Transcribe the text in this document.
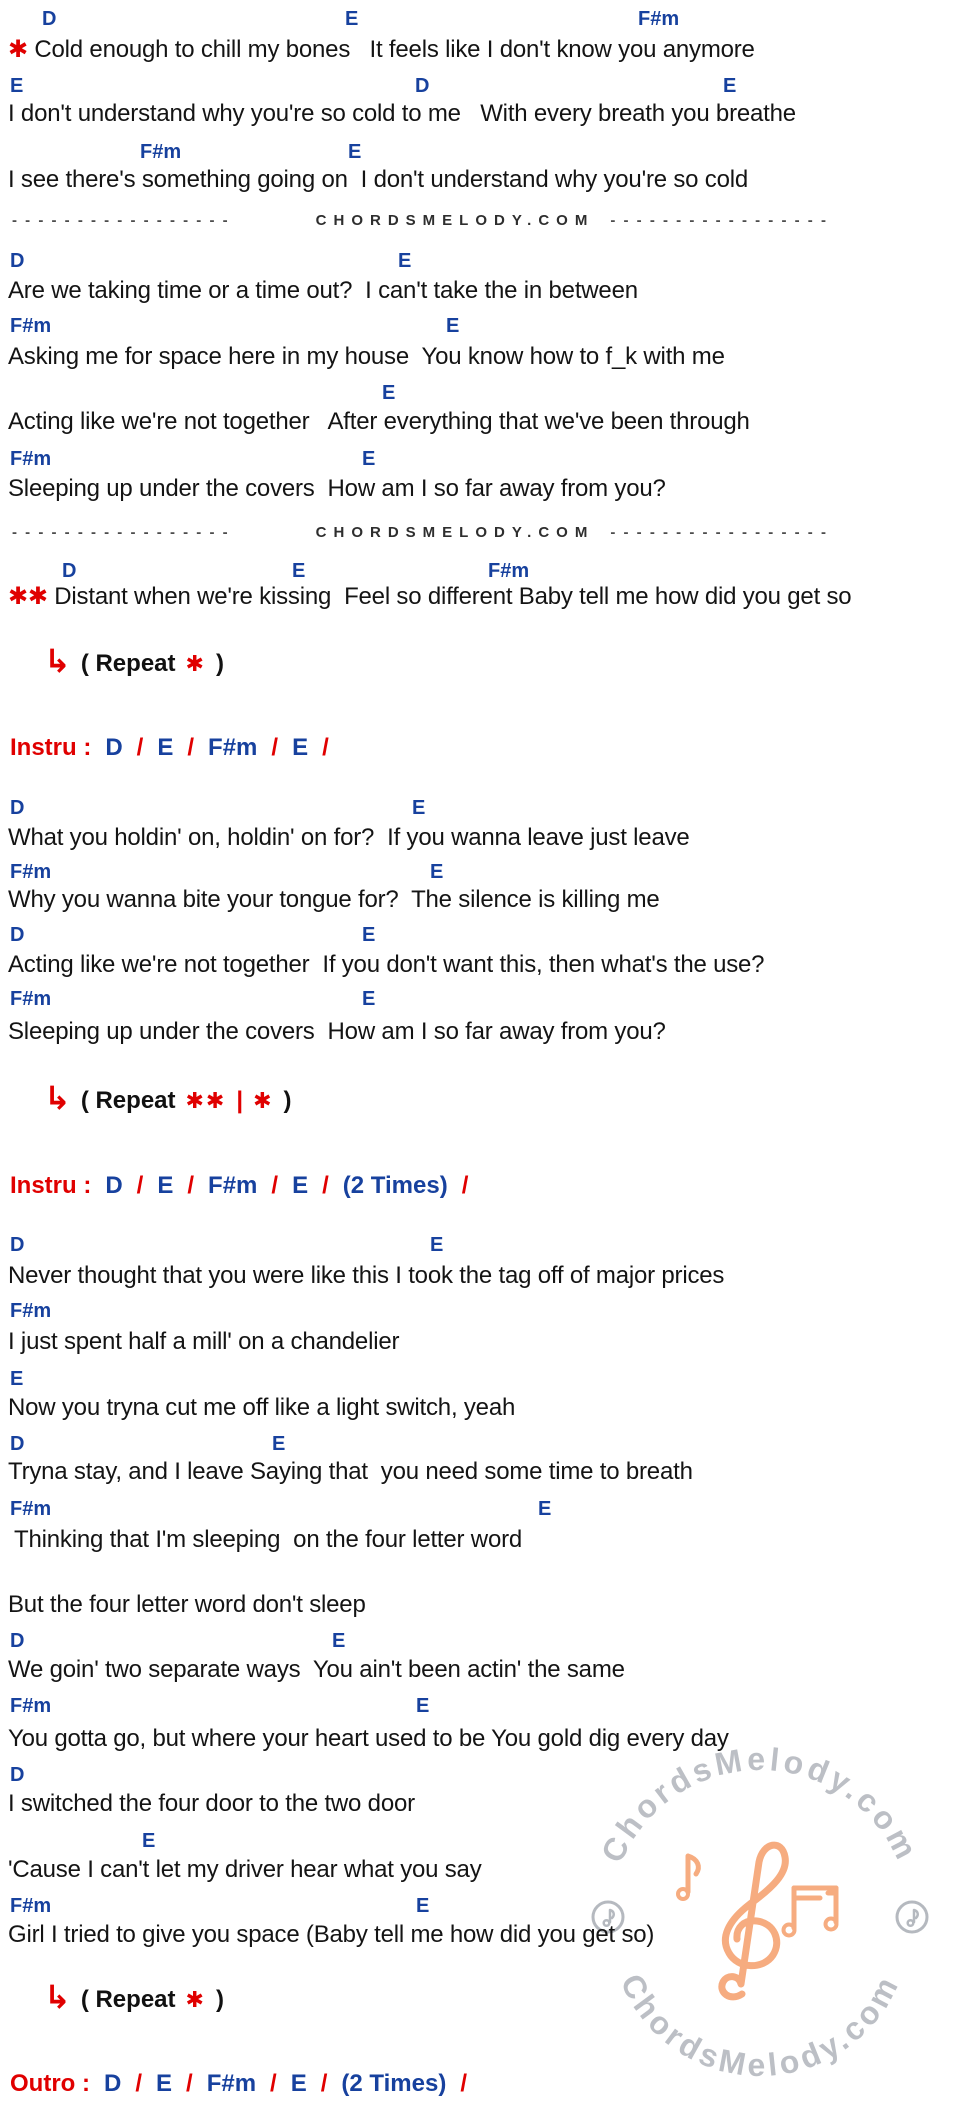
ChordsMelody.com
ChordsMelody.com
D	E	F#m
✱ Cold enough to chill my bones   It feels like I don't know you anymore
E	D	E
I don't understand why you're so cold to me   With every breath you breathe
F#m	E
I see there's something going on  I don't understand why you're so cold
- - - - - - - - - - - - - - - - -	CHORDSMELODY.COM - - - - - - - - - - - - - - - - -
D	E
Are we taking time or a time out?  I can't take the in between
F#m	E
Asking me for space here in my house  You know how to f_k with me
E
Acting like we're not together   After everything that we've been through
F#m	E
Sleeping up under the covers  How am I so far away from you?
- - - - - - - - - - - - - - - - -	CHORDSMELODY.COM - - - - - - - - - - - - - - - - -
D	E	F#m
✱✱ Distant when we're kissing  Feel so different Baby tell me how did you get so
↳ ( Repeat ✱ )
Instru : D / E / F#m / E /
D	E
What you holdin' on, holdin' on for?  If you wanna leave just leave
F#m	E
Why you wanna bite your tongue for?  The silence is killing me
D	E
Acting like we're not together  If you don't want this, then what's the use?
F#m	E
Sleeping up under the covers  How am I so far away from you?
↳ ( Repeat ✱✱ | ✱ )
Instru : D / E / F#m / E / (2 Times) /
D	E
Never thought that you were like this I took the tag off of major prices
F#m
I just spent half a mill' on a chandelier
E
Now you tryna cut me off like a light switch, yeah
D	E
Tryna stay, and I leave Saying that  you need some time to breath
F#m	E
Thinking that I'm sleeping  on the four letter word
But the four letter word don't sleep
D	E
We goin' two separate ways  You ain't been actin' the same
F#m	E
You gotta go, but where your heart used to be You gold dig every day
D
I switched the four door to the two door
E
'Cause I can't let my driver hear what you say
F#m	E
Girl I tried to give you space (Baby tell me how did you get so)
↳ ( Repeat ✱ )
Outro : D / E / F#m / E / (2 Times) /
